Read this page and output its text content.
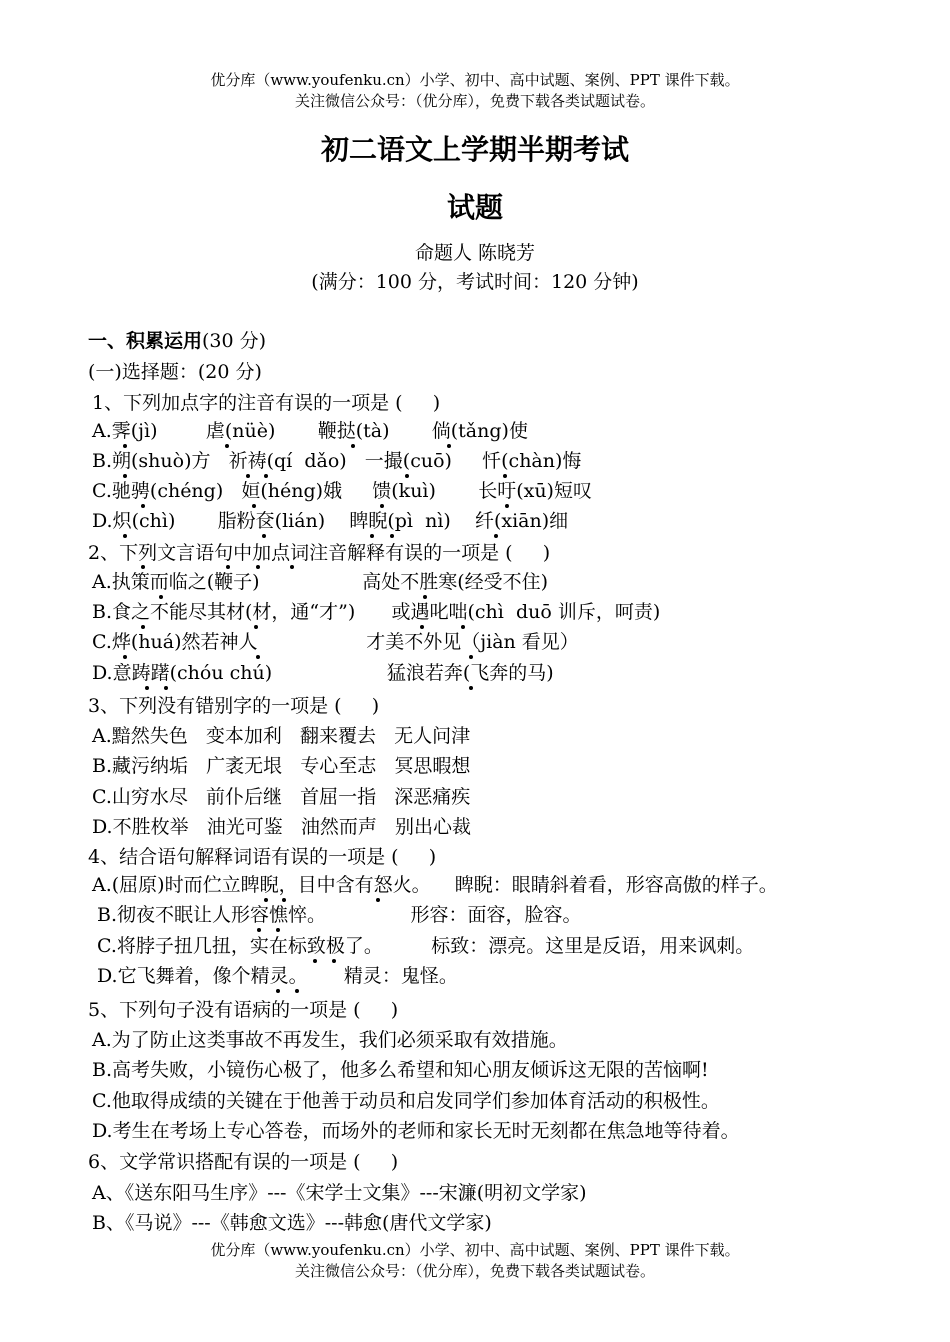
优分库（www.youfenku.cn）小学、初中、高中试题、案例、PPT 课件下载。
关注微信公众号：（优分库），免费下载各类试题试卷。
初二语文上学期半期考试
试题
命题人 陈晓芳
(满分：100 分，考试时间：120 分钟)
一、积累运用(30 分)
(一)选择题：(20 分)
1、下列加点字的注音有误的一项是 (     )
A.霁(jì)        虐(nüè)       鞭挞(tà)       倘(tǎng)使
B.朔(shuò)方   祈祷(qí  dǎo)   一撮(cuō)     忏(chàn)悔
C.驰骋(chéng)   姮(héng)娥     馈(kuì)       长吁(xū)短叹
D.炽(chì)       脂粉奁(lián)    睥睨(pì  nì)    纤(xiān)细
2、下列文言语句中加点词注音解释有误的一项是 (     )
A.执策而临之(鞭子)                 高处不胜寒(经受不住)
B.食之不能尽其材(材，通“才”)      或遇叱咄(chì  duō 训斥，呵责)
C.烨(huá)然若神人                  才美不外见（jiàn 看见）
D.意踌躇(chóu chú)                   猛浪若奔(飞奔的马)
3、下列没有错别字的一项是 (     )
A.黯然失色   变本加利   翻来覆去   无人问津
B.藏污纳垢   广袤无垠   专心至志   冥思暇想
C.山穷水尽   前仆后继   首屈一指   深恶痛疾
D.不胜枚举   油光可鉴   油然而声   别出心裁
4、结合语句解释词语有误的一项是 (     )
A.(屈原)时而伫立睥睨，目中含有怒火。    睥睨：眼睛斜着看，形容高傲的样子。
B.彻夜不眠让人形容憔悴。              形容：面容，脸容。
C.将脖子扭几扭，实在标致极了。        标致：漂亮。这里是反语，用来讽刺。
D.它飞舞着，像个精灵。      精灵：鬼怪。
5、下列句子没有语病的一项是 (     )
A.为了防止这类事故不再发生，我们必须采取有效措施。
B.高考失败，小镜伤心极了，他多么希望和知心朋友倾诉这无限的苦恼啊!
C.他取得成绩的关键在于他善于动员和启发同学们参加体育活动的积极性。
D.考生在考场上专心答卷，而场外的老师和家长无时无刻都在焦急地等待着。
6、文学常识搭配有误的一项是 (     )
A、《送东阳马生序》---《宋学士文集》---宋濂(明初文学家)
B、《马说》---《韩愈文选》---韩愈(唐代文学家)
优分库（www.youfenku.cn）小学、初中、高中试题、案例、PPT 课件下载。
关注微信公众号：（优分库），免费下载各类试题试卷。
